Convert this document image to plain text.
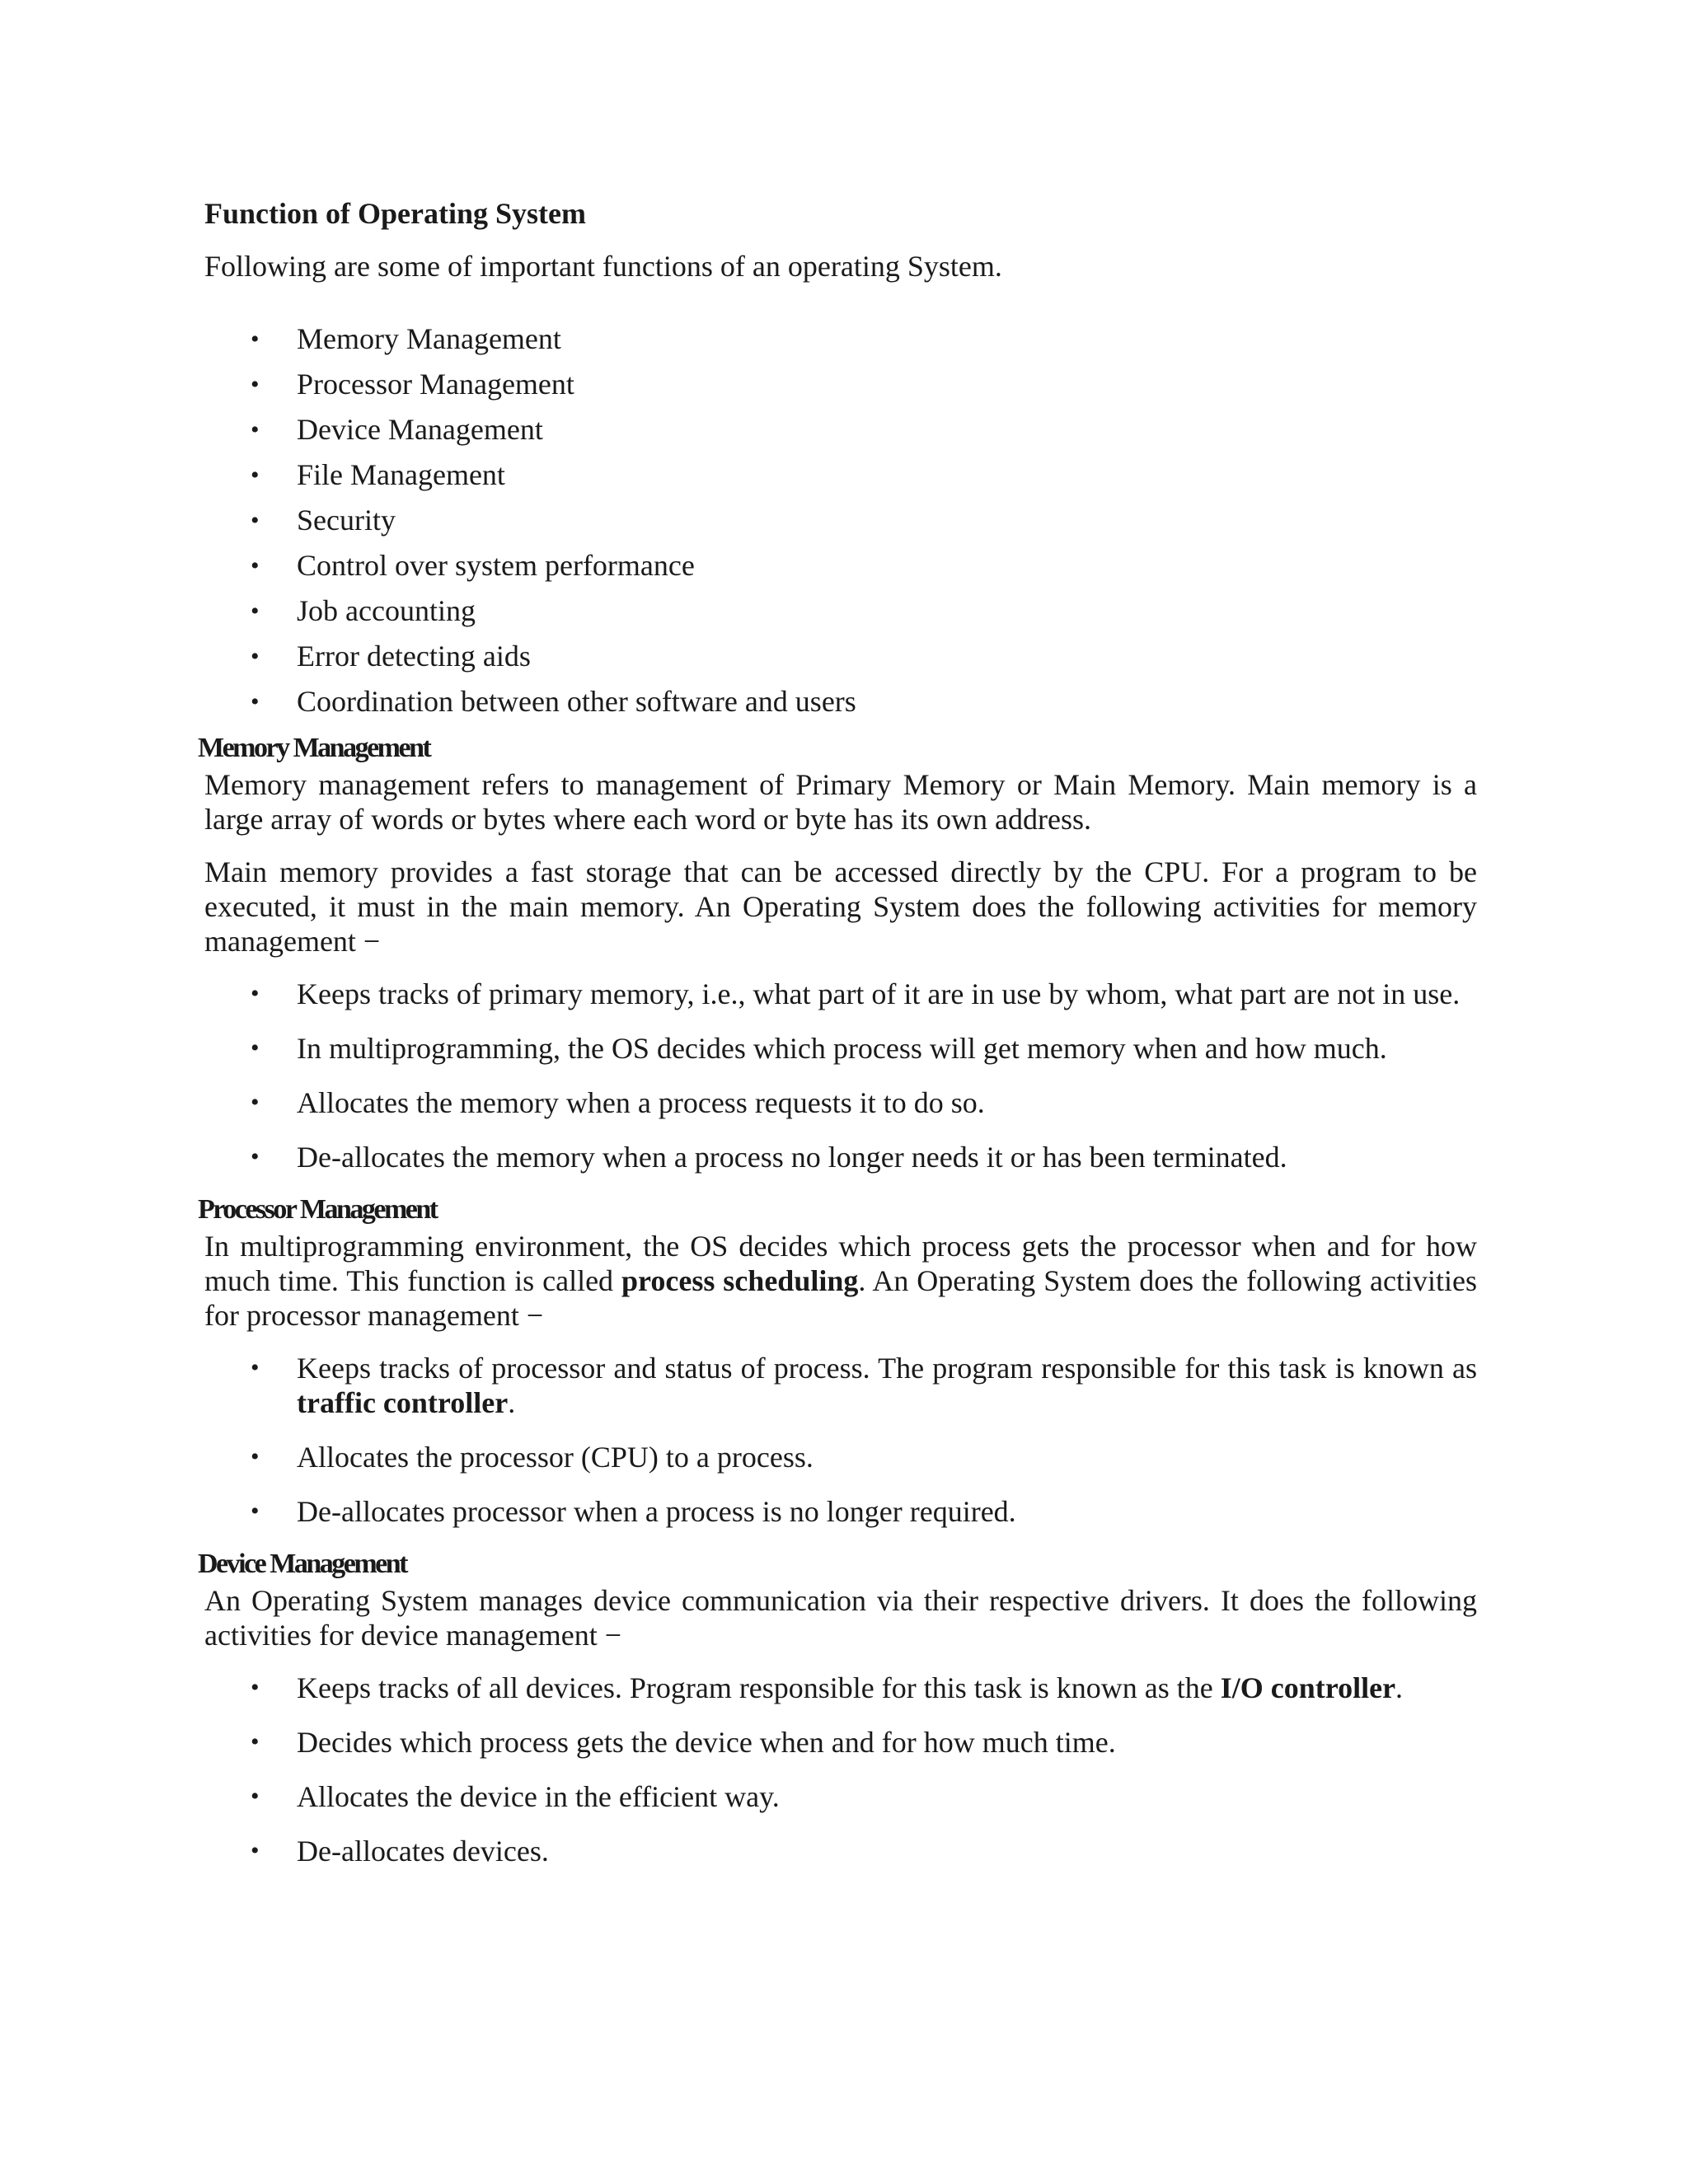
Function of Operating System

Following are some of important functions of an operating System.

• Memory Management
• Processor Management
• Device Management
• File Management
• Security
• Control over system performance
• Job accounting
• Error detecting aids
• Coordination between other software and users
Memory Management

Memory management refers to management of Primary Memory or Main Memory. Main memory is a large array of words or bytes where each word or byte has its own address.

Main memory provides a fast storage that can be accessed directly by the CPU. For a program to be executed, it must in the main memory. An Operating System does the following activities for memory management −

• Keeps tracks of primary memory, i.e., what part of it are in use by whom, what part are not in use.
• In multiprogramming, the OS decides which process will get memory when and how much.
• Allocates the memory when a process requests it to do so.
• De-allocates the memory when a process no longer needs it or has been terminated.
Processor Management

In multiprogramming environment, the OS decides which process gets the processor when and for how much time. This function is called process scheduling. An Operating System does the following activities for processor management −

• Keeps tracks of processor and status of process. The program responsible for this task is known as traffic controller.
• Allocates the processor (CPU) to a process.
• De-allocates processor when a process is no longer required.
Device Management

An Operating System manages device communication via their respective drivers. It does the following activities for device management −

• Keeps tracks of all devices. Program responsible for this task is known as the I/O controller.
• Decides which process gets the device when and for how much time.
• Allocates the device in the efficient way.
• De-allocates devices.
